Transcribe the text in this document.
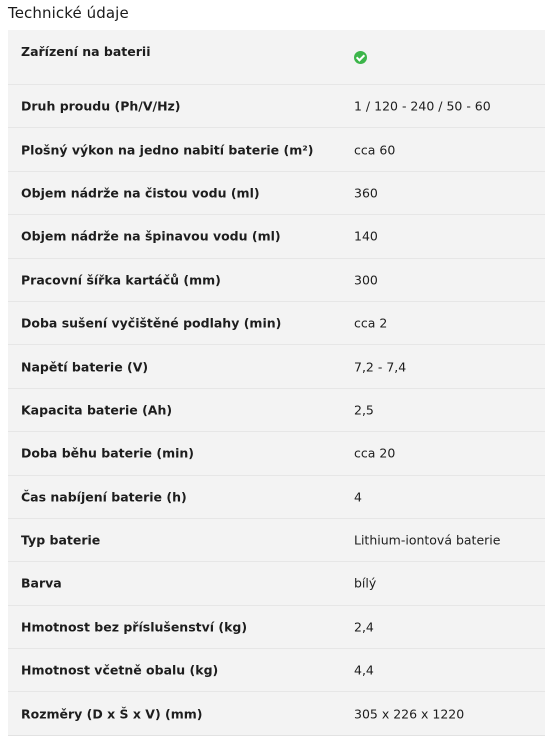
Technické údaje
Zařízení na baterii
Druh proudu (Ph/V/Hz)	1 / 120 - 240 / 50 - 60
Plošný výkon na jedno nabití baterie (m²)	cca 60
Objem nádrže na čistou vodu (ml)	360
Objem nádrže na špinavou vodu (ml)	140
Pracovní šířka kartáčů (mm)	300
Doba sušení vyčištěné podlahy (min)	cca 2
Napětí baterie (V)	7,2 - 7,4
Kapacita baterie (Ah)	2,5
Doba běhu baterie (min)	cca 20
Čas nabíjení baterie (h)	4
Typ baterie	Lithium-iontová baterie
Barva	bílý
Hmotnost bez příslušenství (kg)	2,4
Hmotnost včetně obalu (kg)	4,4
Rozměry (D x Š x V) (mm)	305 x 226 x 1220
